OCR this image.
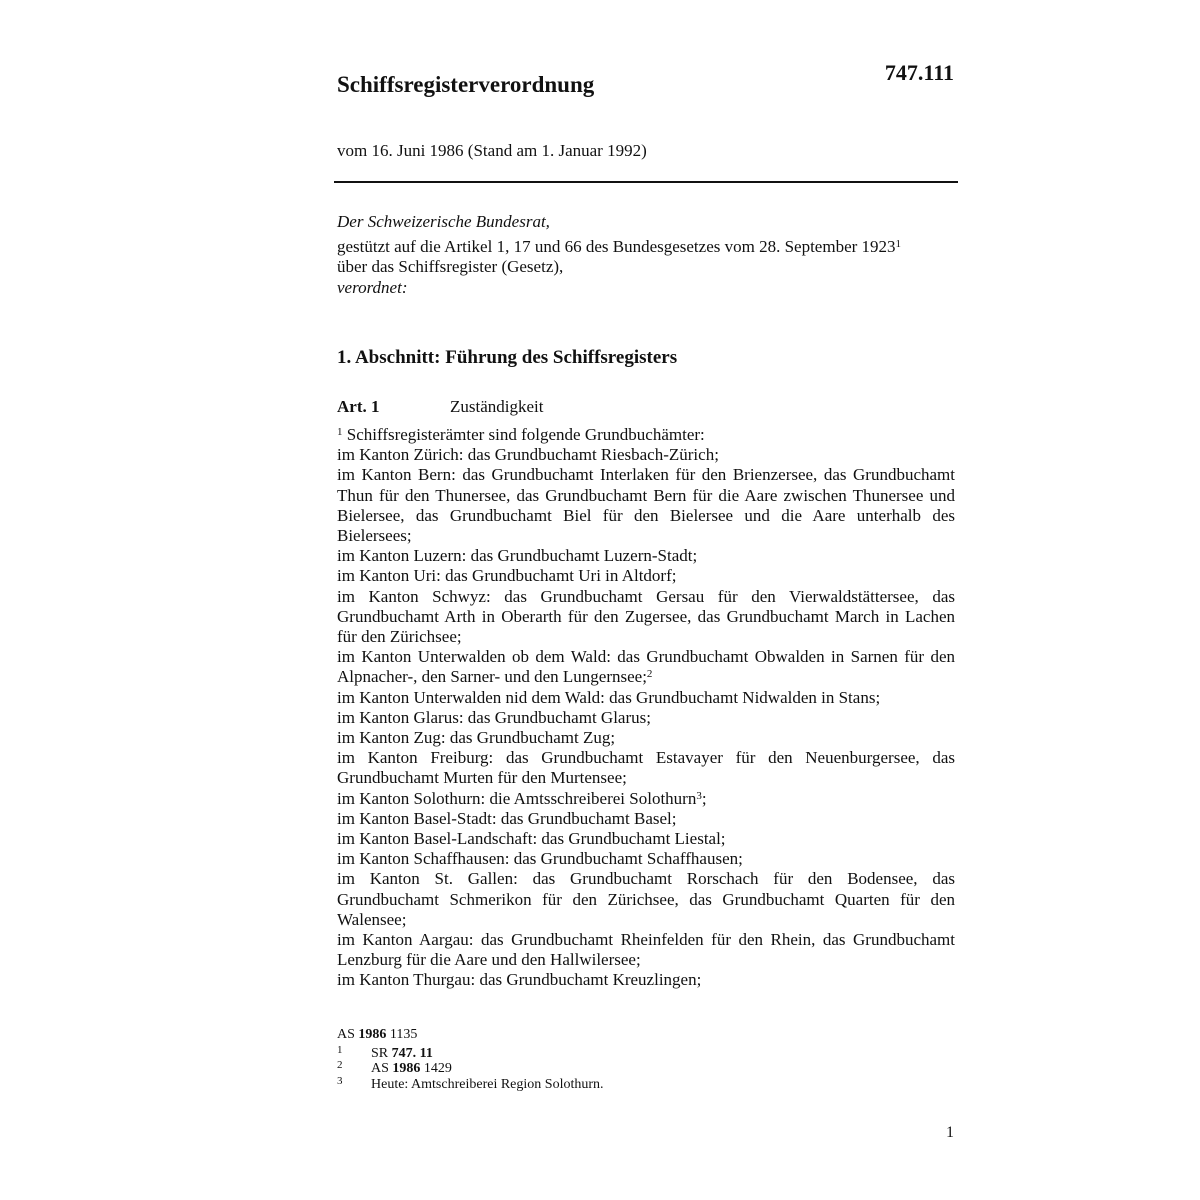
747.111
Schiffsregisterverordnung
vom 16. Juni 1986 (Stand am 1. Januar 1992)

Der Schweizerische Bundesrat,

gestützt auf die Artikel 1, 17 und 66 des Bundesgesetzes vom 28. September 1923$^1$
über das Schiffsregister (Gesetz),

verordnet:

1. Abschnitt: Führung des Schiffsregisters
Art. 1	Zuständigkeit

$^1$ Schiffsregisterämter sind folgende Grundbuchämter:

im Kanton Zürich: das Grundbuchamt Riesbach-Zürich;

im Kanton Bern: das Grundbuchamt Interlaken für den Brienzersee, das Grundbuchamt Thun für den Thunersee, das Grundbuchamt Bern für die Aare zwischen Thunersee und Bielersee, das Grundbuchamt Biel für den Bielersee und die Aare unterhalb des Bielersees;

im Kanton Luzern: das Grundbuchamt Luzern-Stadt;

im Kanton Uri: das Grundbuchamt Uri in Altdorf;

im Kanton Schwyz: das Grundbuchamt Gersau für den Vierwaldstättersee, das Grundbuchamt Arth in Oberarth für den Zugersee, das Grundbuchamt March in Lachen für den Zürichsee;

im Kanton Unterwalden ob dem Wald: das Grundbuchamt Obwalden in Sarnen für den Alpnacher-, den Sarner- und den Lungernsee;$^2$

im Kanton Unterwalden nid dem Wald: das Grundbuchamt Nidwalden in Stans;

im Kanton Glarus: das Grundbuchamt Glarus;

im Kanton Zug: das Grundbuchamt Zug;

im Kanton Freiburg: das Grundbuchamt Estavayer für den Neuenburgersee, das Grundbuchamt Murten für den Murtensee;

im Kanton Solothurn: die Amtsschreiberei Solothurn$^3$;

im Kanton Basel-Stadt: das Grundbuchamt Basel;

im Kanton Basel-Landschaft: das Grundbuchamt Liestal;

im Kanton Schaffhausen: das Grundbuchamt Schaffhausen;

im Kanton St. Gallen: das Grundbuchamt Rorschach für den Bodensee, das Grundbuchamt Schmerikon für den Zürichsee, das Grundbuchamt Quarten für den Walensee;

im Kanton Aargau: das Grundbuchamt Rheinfelden für den Rhein, das Grundbuchamt Lenzburg für die Aare und den Hallwilersee;

im Kanton Thurgau: das Grundbuchamt Kreuzlingen;

AS 1986 1135
1	SR 747. 11
2	AS 1986 1429
3	Heute: Amtschreiberei Region Solothurn.
1
